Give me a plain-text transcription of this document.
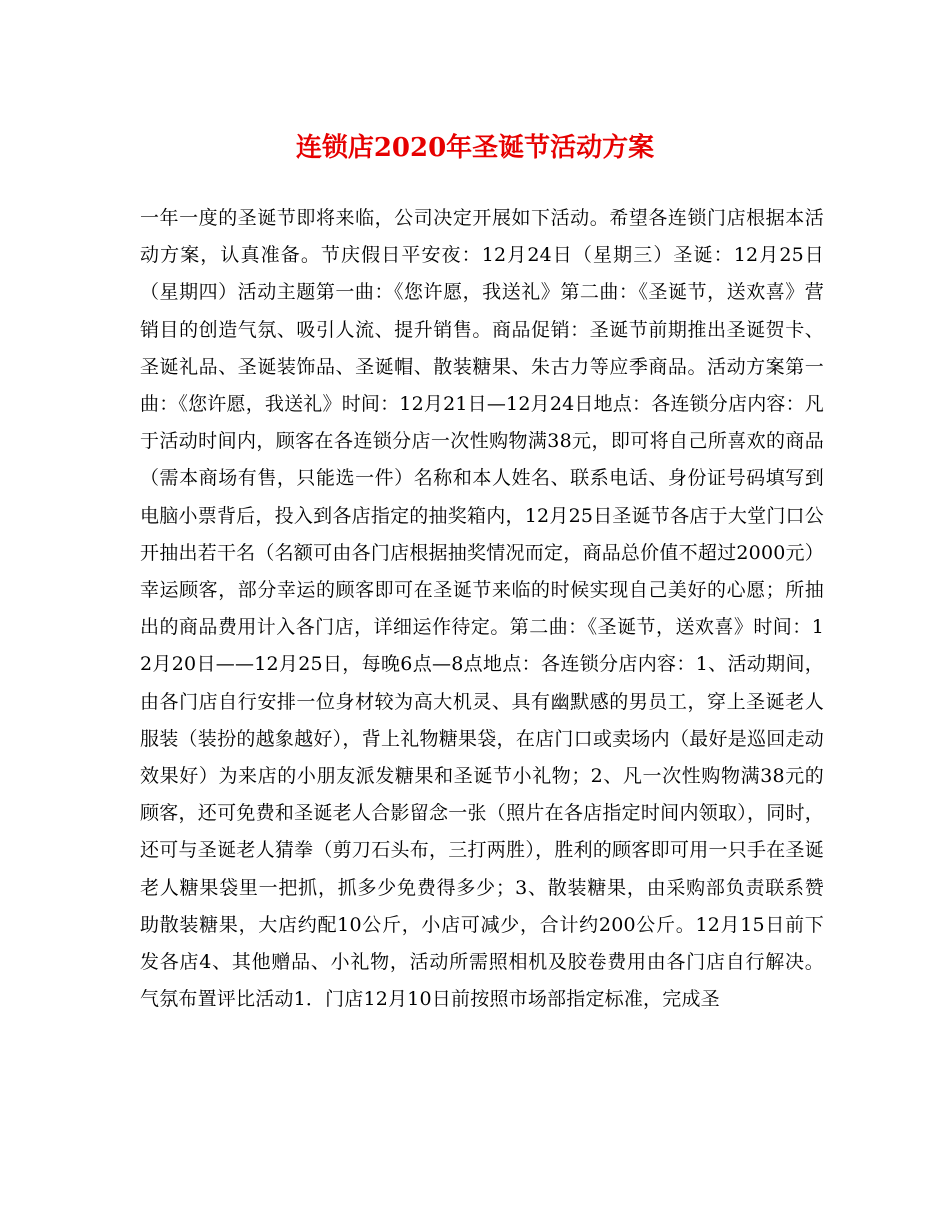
连锁店2020年圣诞节活动方案

一年一度的圣诞节即将来临，公司决定开展如下活动。希望各连锁门店根据本活动方案，认真准备。节庆假日平安夜：12月24日（星期三）圣诞：12月25日（星期四）活动主题第一曲：《您许愿，我送礼》第二曲：《圣诞节，送欢喜》营销目的创造气氛、吸引人流、提升销售。商品促销：圣诞节前期推出圣诞贺卡、圣诞礼品、圣诞装饰品、圣诞帽、散装糖果、朱古力等应季商品。活动方案第一曲：《您许愿，我送礼》时间：12月21日—12月24日地点：各连锁分店内容：凡于活动时间内，顾客在各连锁分店一次性购物满38元，即可将自己所喜欢的商品（需本商场有售，只能选一件）名称和本人姓名、联系电话、身份证号码填写到电脑小票背后，投入到各店指定的抽奖箱内，12月25日圣诞节各店于大堂门口公开抽出若干名（名额可由各门店根据抽奖情况而定，商品总价值不超过2000元）幸运顾客，部分幸运的顾客即可在圣诞节来临的时候实现自己美好的心愿；所抽出的商品费用计入各门店，详细运作待定。第二曲：《圣诞节，送欢喜》时间：12月20日——12月25日，每晚6点—8点地点：各连锁分店内容：1、活动期间，由各门店自行安排一位身材较为高大机灵、具有幽默感的男员工，穿上圣诞老人服装（装扮的越象越好），背上礼物糖果袋，在店门口或卖场内（最好是巡回走动效果好）为来店的小朋友派发糖果和圣诞节小礼物；2、凡一次性购物满38元的顾客，还可免费和圣诞老人合影留念一张（照片在各店指定时间内领取），同时，还可与圣诞老人猜拳（剪刀石头布，三打两胜），胜利的顾客即可用一只手在圣诞老人糖果袋里一把抓，抓多少免费得多少；3、散装糖果，由采购部负责联系赞助散装糖果，大店约配10公斤，小店可减少，合计约200公斤。12月15日前下发各店4、其他赠品、小礼物，活动所需照相机及胶卷费用由各门店自行解决。气氛布置评比活动1．门店12月10日前按照市场部指定标准，完成圣
